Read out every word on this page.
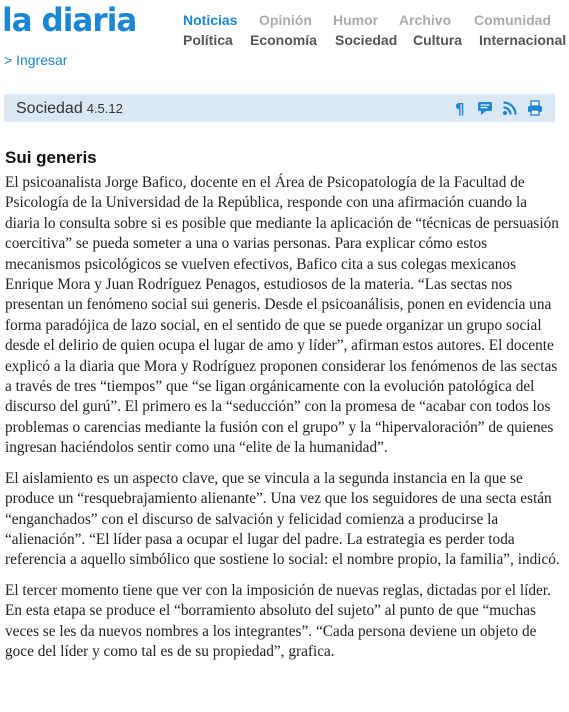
la diaria	Noticias Opinión Humor Archivo Comunidad
Política Economía Sociedad Cultura Internacional
> Ingresar
Sociedad 4.5.12	¶
Sui generis

El psicoanalista Jorge Bafico, docente en el Área de Psicopatología de la Facultad de Psicología de la Universidad de la República, responde con una afirmación cuando la diaria lo consulta sobre si es posible que mediante la aplicación de “técnicas de persuasión coercitiva” se pueda someter a una o varias personas. Para explicar cómo estos mecanismos psicológicos se vuelven efectivos, Bafico cita a sus colegas mexicanos Enrique Mora y Juan Rodríguez Penagos, estudiosos de la materia. “Las sectas nos presentan un fenómeno social sui generis. Desde el psicoanálisis, ponen en evidencia una forma paradójica de lazo social, en el sentido de que se puede organizar un grupo social desde el delirio de quien ocupa el lugar de amo y líder”, afirman estos autores. El docente explicó a la diaria que Mora y Rodríguez proponen considerar los fenómenos de las sectas a través de tres “tiempos” que “se ligan orgánicamente con la evolución patológica del discurso del gurú”. El primero es la “seducción” con la promesa de “acabar con todos los problemas o carencias mediante la fusión con el grupo” y la “hipervaloración” de quienes ingresan haciéndolos sentir como una “elite de la humanidad”.

El aislamiento es un aspecto clave, que se vincula a la segunda instancia en la que se produce un “resquebrajamiento alienante”. Una vez que los seguidores de una secta están “enganchados” con el discurso de salvación y felicidad comienza a producirse la “alienación”. “El líder pasa a ocupar el lugar del padre. La estrategia es perder toda referencia a aquello simbólico que sostiene lo social: el nombre propio, la familia”, indicó.

El tercer momento tiene que ver con la imposición de nuevas reglas, dictadas por el líder. En esta etapa se produce el “borramiento absoluto del sujeto” al punto de que “muchas veces se les da nuevos nombres a los integrantes”. “Cada persona deviene un objeto de goce del líder y como tal es de su propiedad”, grafica.
